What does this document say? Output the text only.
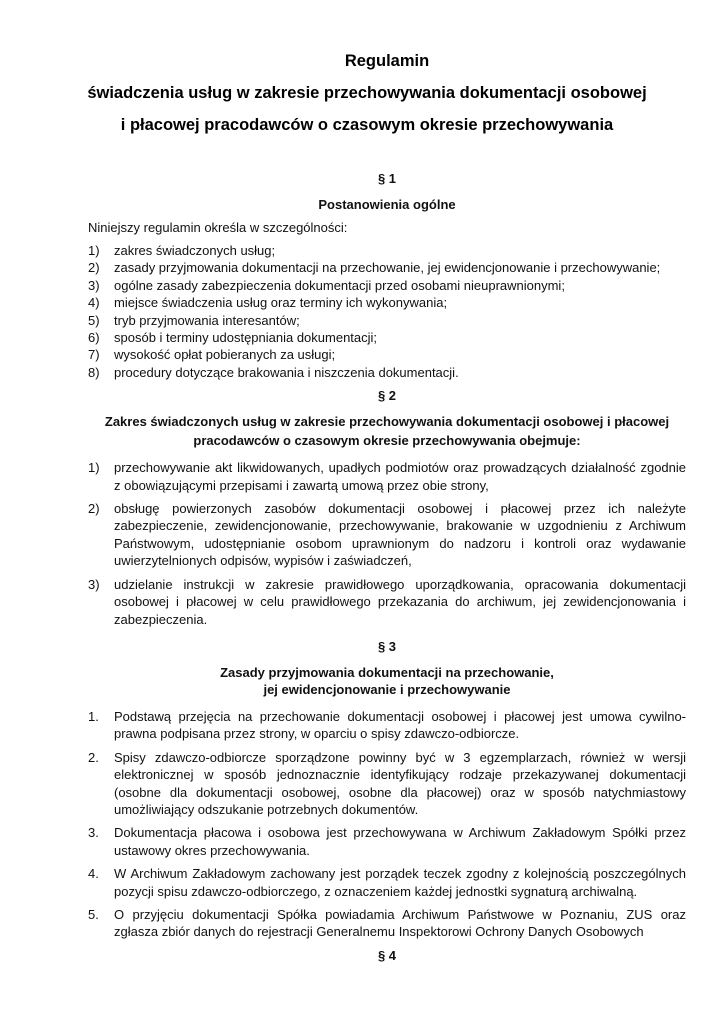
Regulamin
świadczenia usług w zakresie przechowywania dokumentacji osobowej
i płacowej pracodawców o czasowym okresie przechowywania
§ 1
Postanowienia ogólne
Niniejszy regulamin określa w szczególności:
1) zakres świadczonych usług;
2) zasady przyjmowania dokumentacji na przechowanie, jej ewidencjonowanie i przechowywanie;
3) ogólne zasady zabezpieczenia dokumentacji przed osobami nieuprawnionymi;
4) miejsce świadczenia usług oraz terminy ich wykonywania;
5) tryb przyjmowania interesantów;
6) sposób i terminy udostępniania dokumentacji;
7) wysokość opłat pobieranych za usługi;
8) procedury dotyczące brakowania i niszczenia dokumentacji.
§ 2
Zakres świadczonych usług w zakresie przechowywania dokumentacji osobowej i płacowej
pracodawców o czasowym okresie przechowywania obejmuje:
1) przechowywanie akt likwidowanych, upadłych podmiotów oraz prowadzących działalność zgodnie z obowiązującymi przepisami i zawartą umową przez obie strony,
2) obsługę powierzonych zasobów dokumentacji osobowej i płacowej przez ich należyte zabezpieczenie, zewidencjonowanie, przechowywanie, brakowanie w uzgodnieniu z Archiwum Państwowym, udostępnianie osobom uprawnionym do nadzoru i kontroli oraz wydawanie uwierzytelnionych odpisów, wypisów i zaświadczeń,
3) udzielanie instrukcji w zakresie prawidłowego uporządkowania, opracowania dokumentacji osobowej i płacowej w celu prawidłowego przekazania do archiwum, jej zewidencjonowania i zabezpieczenia.
§ 3
Zasady przyjmowania dokumentacji na przechowanie,
jej ewidencjonowanie i przechowywanie
1. Podstawą przejęcia na przechowanie dokumentacji osobowej i płacowej jest umowa cywilno-prawna podpisana przez strony, w oparciu o spisy zdawczo-odbiorcze.
2. Spisy zdawczo-odbiorcze sporządzone powinny być w 3 egzemplarzach, również w wersji elektronicznej w sposób jednoznacznie identyfikujący rodzaje przekazywanej dokumentacji (osobne dla dokumentacji osobowej, osobne dla płacowej) oraz w sposób natychmiastowy umożliwiający odszukanie potrzebnych dokumentów.
3. Dokumentacja płacowa i osobowa jest przechowywana w Archiwum Zakładowym Spółki przez ustawowy okres przechowywania.
4. W Archiwum Zakładowym zachowany jest porządek teczek zgodny z kolejnością poszczególnych pozycji spisu zdawczo-odbiorczego, z oznaczeniem każdej jednostki sygnaturą archiwalną.
5. O przyjęciu dokumentacji Spółka powiadamia Archiwum Państwowe w Poznaniu, ZUS oraz zgłasza zbiór danych do rejestracji Generalnemu Inspektorowi Ochrony Danych Osobowych
§ 4
